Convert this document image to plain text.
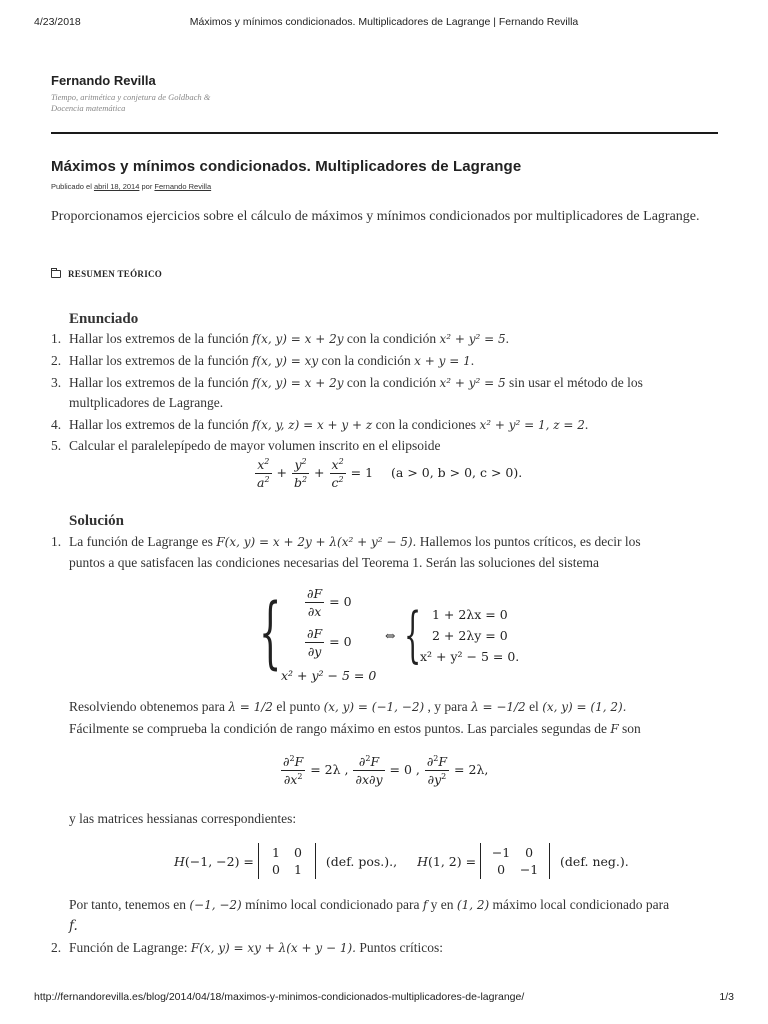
4/23/2018	Máximos y mínimos condicionados. Multiplicadores de Lagrange | Fernando Revilla
Fernando Revilla
Tiempo, aritmética y conjetura de Goldbach & Docencia matemática
Máximos y mínimos condicionados. Multiplicadores de Lagrange
Publicado el abril 18, 2014 por Fernando Revilla
Proporcionamos ejercicios sobre el cálculo de máximos y mínimos condicionados por multiplicadores de Lagrange.
RESUMEN TEÓRICO
Enunciado
1. Hallar los extremos de la función f(x, y) = x + 2y con la condición x² + y² = 5.
2. Hallar los extremos de la función f(x, y) = xy con la condición x + y = 1.
3. Hallar los extremos de la función f(x, y) = x + 2y con la condición x² + y² = 5 sin usar el método de los
multplicadores de Lagrange.
4. Hallar los extremos de la función f(x, y, z) = x + y + z con la condiciones x² + y² = 1, z = 2.
5. Calcular el paralelepípedo de mayor volumen inscrito en el elipsoide
$\frac{x^2}{a^2} + \frac{y^2}{b^2} + \frac{x^2}{c^2} = 1$ (a > 0, b > 0, c > 0).
Solución
1. La función de Lagrange es F(x, y) = x + 2y + λ(x² + y² − 5). Hallemos los puntos críticos, es decir los
puntos a que satisfacen las condiciones necesarias del Teorema 1. Serán las soluciones del sistema
{ $\frac{\partial F}{\partial x} = 0$
$\frac{\partial F}{\partial y} = 0$
x² + y² − 5 = 0
⇔ { 1 + 2λx = 0
2 + 2λy = 0
x² + y² − 5 = 0.
Resolviendo obtenemos para λ = 1/2 el punto (x, y) = (−1, −2) , y para λ = −1/2 el (x, y) = (1, 2).
Fácilmente se comprueba la condición de rango máximo en estos puntos. Las parciales segundas de F son
$\frac{\partial^2F}{\partial x^2} = 2\lambda$ , $\frac{\partial^2F}{\partial x\partial y} = 0$ , $\frac{\partial^2F}{\partial y^2} = 2\lambda$,
y las matrices hessianas correspondientes:
H(−1, −2) =
1	0
0	1
(def. pos.)., H(1, 2) =
−1	0
0	−1
(def. neg.).
Por tanto, tenemos en (−1, −2) mínimo local condicionado para f y en (1, 2) máximo local condicionado para
f.
2. Función de Lagrange: F(x, y) = xy + λ(x + y − 1). Puntos críticos:
http://fernandorevilla.es/blog/2014/04/18/maximos-y-minimos-condicionados-multiplicadores-de-lagrange/	1/3
